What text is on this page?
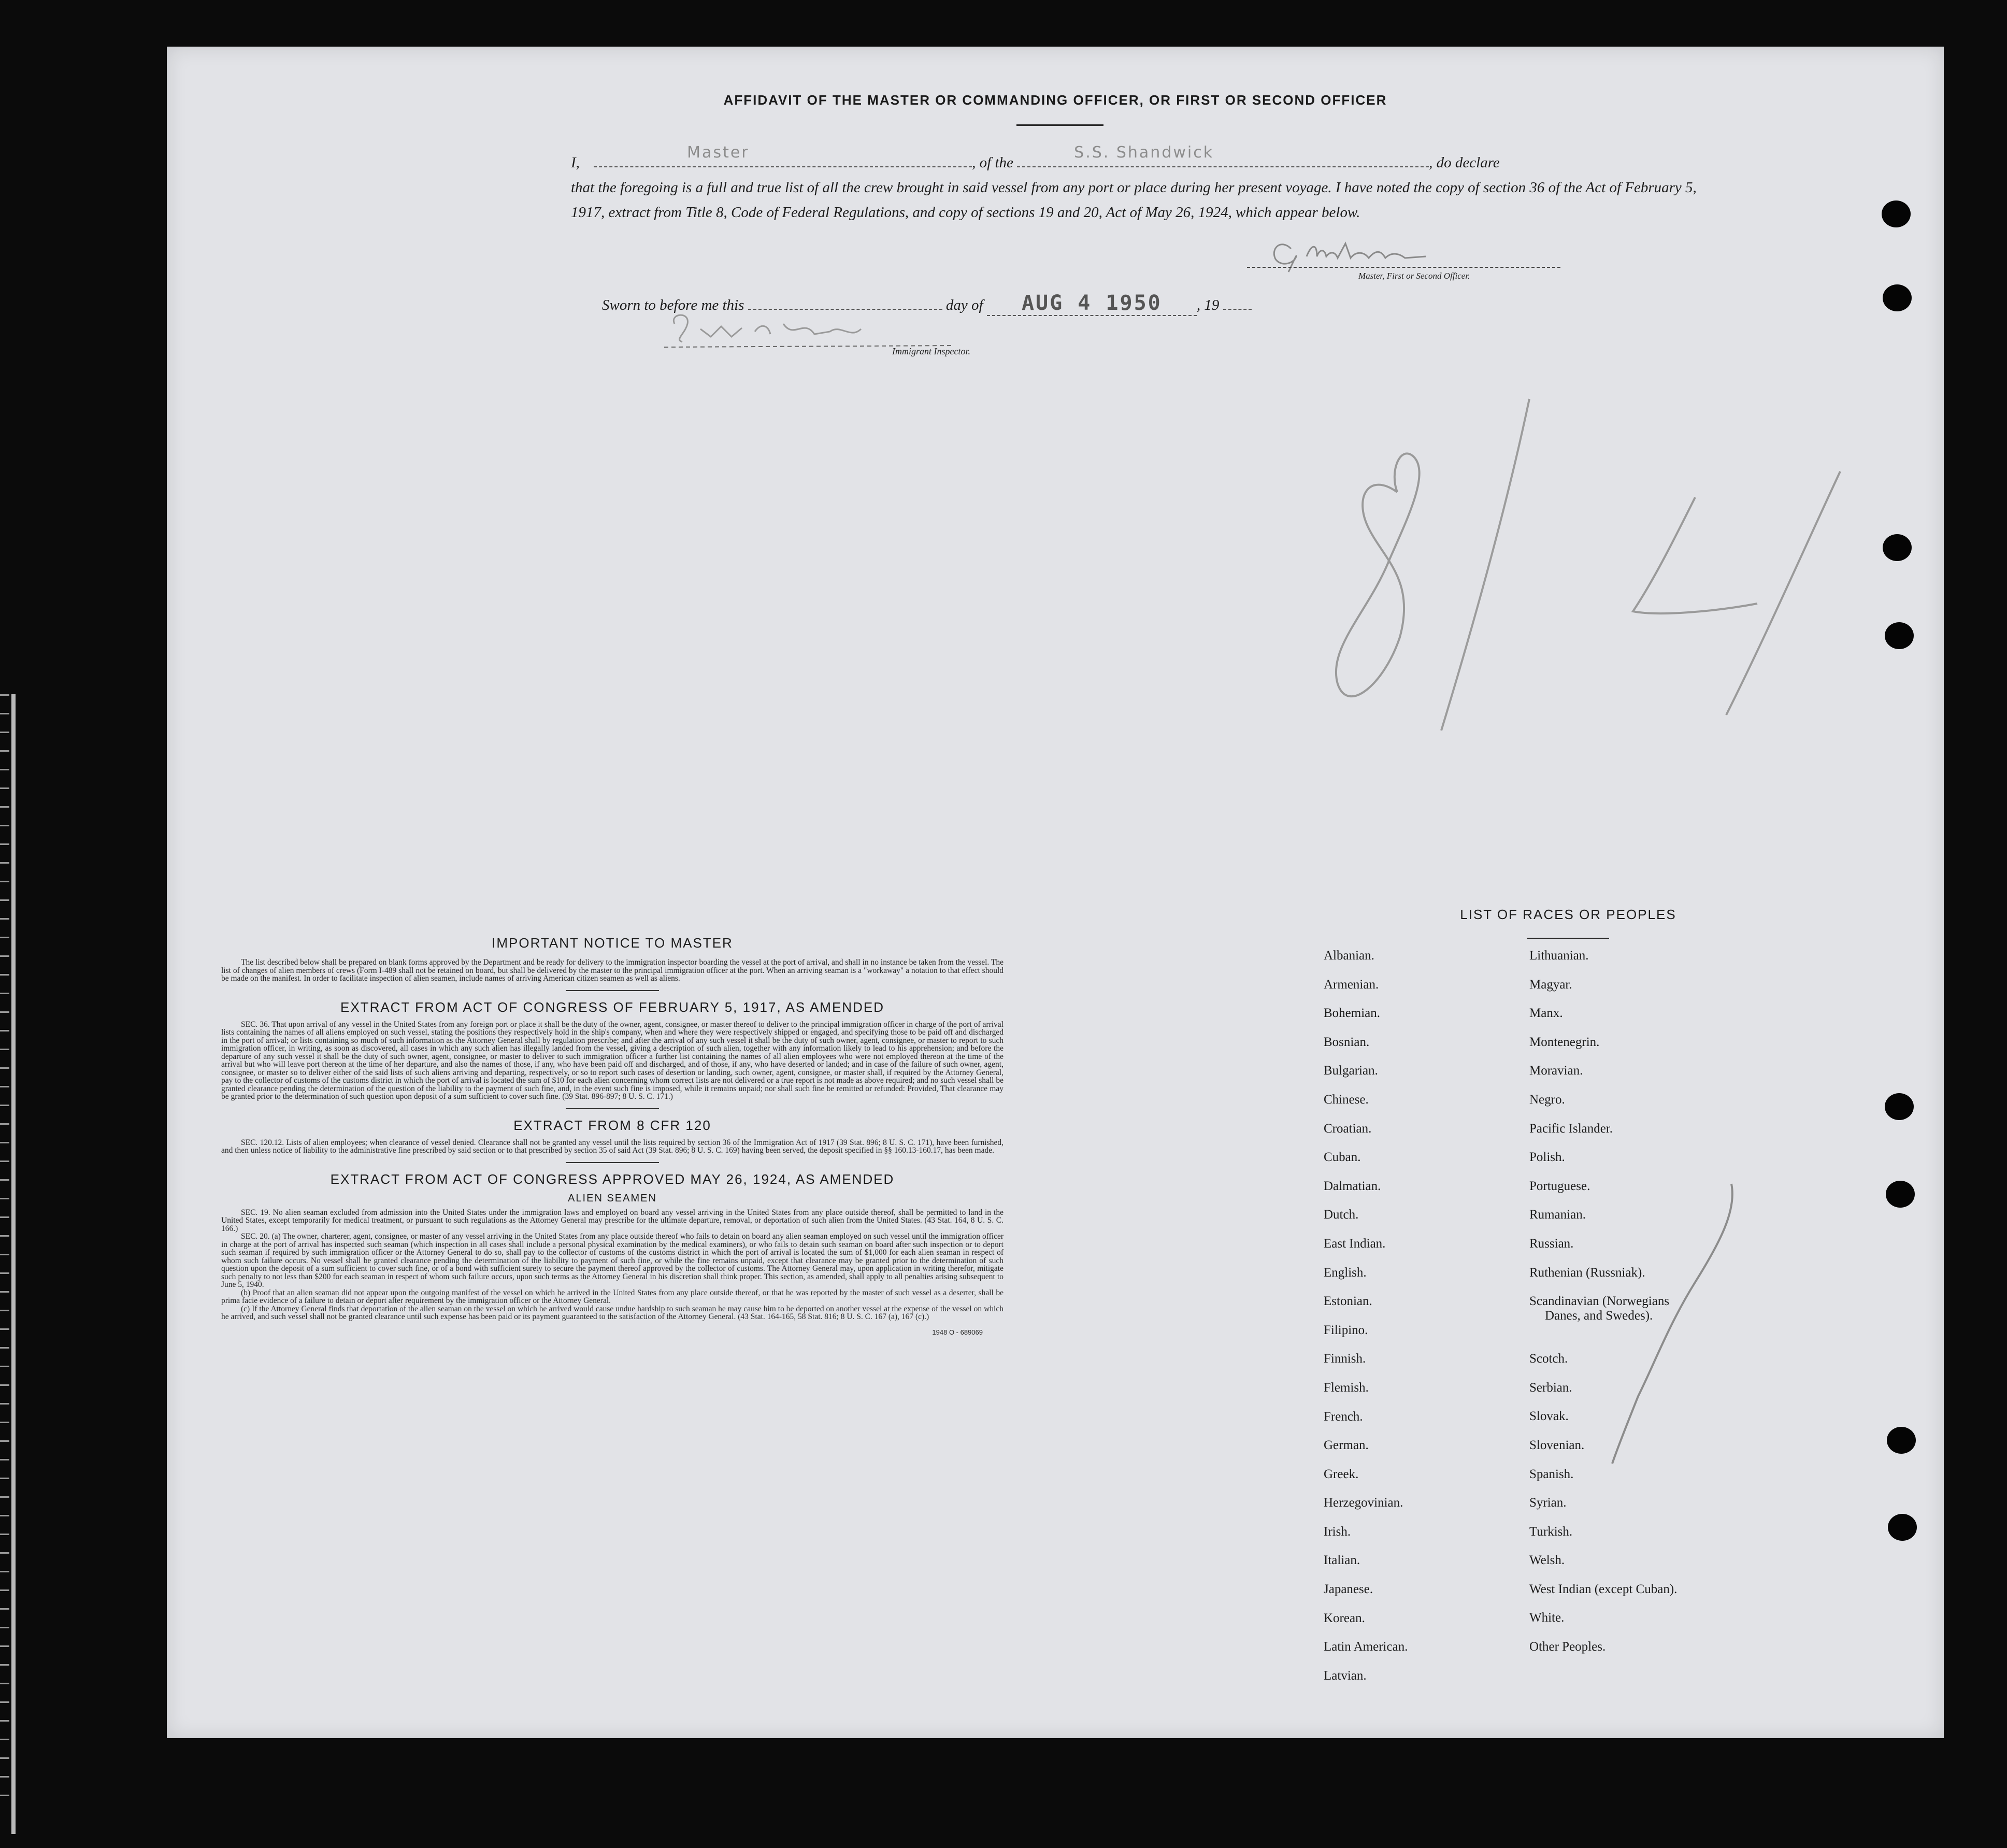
AFFIDAVIT OF THE MASTER OR COMMANDING OFFICER, OR FIRST OR SECOND OFFICER
I,
Master
, of the
S.S. Shandwick
, do declare
that the foregoing is a full and true list of all the crew brought in said vessel from any port or place during her present voyage. I have noted the copy of section 36 of the Act of February 5, 1917, extract from Title 8, Code of Federal Regulations, and copy of sections 19 and 20, Act of May 26, 1924, which appear below.
Master, First or Second Officer.
Sworn to before me this	day of AUG 4 1950 , 19
Immigrant Inspector.
IMPORTANT NOTICE TO MASTER

The list described below shall be prepared on blank forms approved by the Department and be ready for delivery to the immigration inspector boarding the vessel at the port of arrival, and shall in no instance be taken from the vessel. The list of changes of alien members of crews (Form I-489 shall not be retained on board, but shall be delivered by the master to the principal immigration officer at the port. When an arriving seaman is a "workaway" a notation to that effect should be made on the manifest. In order to facilitate inspection of alien seamen, include names of arriving American citizen seamen as well as aliens.

EXTRACT FROM ACT OF CONGRESS OF FEBRUARY 5, 1917, AS AMENDED

SEC. 36. That upon arrival of any vessel in the United States from any foreign port or place it shall be the duty of the owner, agent, consignee, or master thereof to deliver to the principal immigration officer in charge of the port of arrival lists containing the names of all aliens employed on such vessel, stating the positions they respectively hold in the ship's company, when and where they were respectively shipped or engaged, and specifying those to be paid off and discharged in the port of arrival; or lists containing so much of such information as the Attorney General shall by regulation prescribe; and after the arrival of any such vessel it shall be the duty of such owner, agent, consignee, or master to report to such immigration officer, in writing, as soon as discovered, all cases in which any such alien has illegally landed from the vessel, giving a description of such alien, together with any information likely to lead to his apprehension; and before the departure of any such vessel it shall be the duty of such owner, agent, consignee, or master to deliver to such immigration officer a further list containing the names of all alien employees who were not employed thereon at the time of the arrival but who will leave port thereon at the time of her departure, and also the names of those, if any, who have been paid off and discharged, and of those, if any, who have deserted or landed; and in case of the failure of such owner, agent, consignee, or master so to deliver either of the said lists of such aliens arriving and departing, respectively, or so to report such cases of desertion or landing, such owner, agent, consignee, or master shall, if required by the Attorney General, pay to the collector of customs of the customs district in which the port of arrival is located the sum of $10 for each alien concerning whom correct lists are not delivered or a true report is not made as above required; and no such vessel shall be granted clearance pending the determination of the question of the liability to the payment of such fine, and, in the event such fine is imposed, while it remains unpaid; nor shall such fine be remitted or refunded: Provided, That clearance may be granted prior to the determination of such question upon deposit of a sum sufficient to cover such fine. (39 Stat. 896-897; 8 U. S. C. 171.)

EXTRACT FROM 8 CFR 120

SEC. 120.12. Lists of alien employees; when clearance of vessel denied. Clearance shall not be granted any vessel until the lists required by section 36 of the Immigration Act of 1917 (39 Stat. 896; 8 U. S. C. 171), have been furnished, and then unless notice of liability to the administrative fine prescribed by said section or to that prescribed by section 35 of said Act (39 Stat. 896; 8 U. S. C. 169) having been served, the deposit specified in §§ 160.13-160.17, has been made.

EXTRACT FROM ACT OF CONGRESS APPROVED MAY 26, 1924, AS AMENDED
ALIEN SEAMEN

SEC. 19. No alien seaman excluded from admission into the United States under the immigration laws and employed on board any vessel arriving in the United States from any place outside thereof, shall be permitted to land in the United States, except temporarily for medical treatment, or pursuant to such regulations as the Attorney General may prescribe for the ultimate departure, removal, or deportation of such alien from the United States. (43 Stat. 164, 8 U. S. C. 166.)

SEC. 20. (a) The owner, charterer, agent, consignee, or master of any vessel arriving in the United States from any place outside thereof who fails to detain on board any alien seaman employed on such vessel until the immigration officer in charge at the port of arrival has inspected such seaman (which inspection in all cases shall include a personal physical examination by the medical examiners), or who fails to detain such seaman on board after such inspection or to deport such seaman if required by such immigration officer or the Attorney General to do so, shall pay to the collector of customs of the customs district in which the port of arrival is located the sum of $1,000 for each alien seaman in respect of whom such failure occurs. No vessel shall be granted clearance pending the determination of the liability to payment of such fine, or while the fine remains unpaid, except that clearance may be granted prior to the determination of such question upon the deposit of a sum sufficient to cover such fine, or of a bond with sufficient surety to secure the payment thereof approved by the collector of customs. The Attorney General may, upon application in writing therefor, mitigate such penalty to not less than $200 for each seaman in respect of whom such failure occurs, upon such terms as the Attorney General in his discretion shall think proper. This section, as amended, shall apply to all penalties arising subsequent to June 5, 1940.

(b) Proof that an alien seaman did not appear upon the outgoing manifest of the vessel on which he arrived in the United States from any place outside thereof, or that he was reported by the master of such vessel as a deserter, shall be prima facie evidence of a failure to detain or deport after requirement by the immigration officer or the Attorney General.

(c) If the Attorney General finds that deportation of the alien seaman on the vessel on which he arrived would cause undue hardship to such seaman he may cause him to be deported on another vessel at the expense of the vessel on which he arrived, and such vessel shall not be granted clearance until such expense has been paid or its payment guaranteed to the satisfaction of the Attorney General. (43 Stat. 164-165, 58 Stat. 816; 8 U. S. C. 167 (a), 167 (c).)

1948 O - 689069
LIST OF RACES OR PEOPLES
Albanian.
Armenian.
Bohemian.
Bosnian.
Bulgarian.
Chinese.
Croatian.
Cuban.
Dalmatian.
Dutch.
East Indian.
English.
Estonian.
Filipino.
Finnish.
Flemish.
French.
German.
Greek.
Herzegovinian.
Irish.
Italian.
Japanese.
Korean.
Latin American.
Latvian.
Lithuanian.
Magyar.
Manx.
Montenegrin.
Moravian.
Negro.
Pacific Islander.
Polish.
Portuguese.
Rumanian.
Russian.
Ruthenian (Russniak).
Scandinavian (Norwegians
Danes, and Swedes).
Scotch.
Serbian.
Slovak.
Slovenian.
Spanish.
Syrian.
Turkish.
Welsh.
West Indian (except Cuban).
White.
Other Peoples.
